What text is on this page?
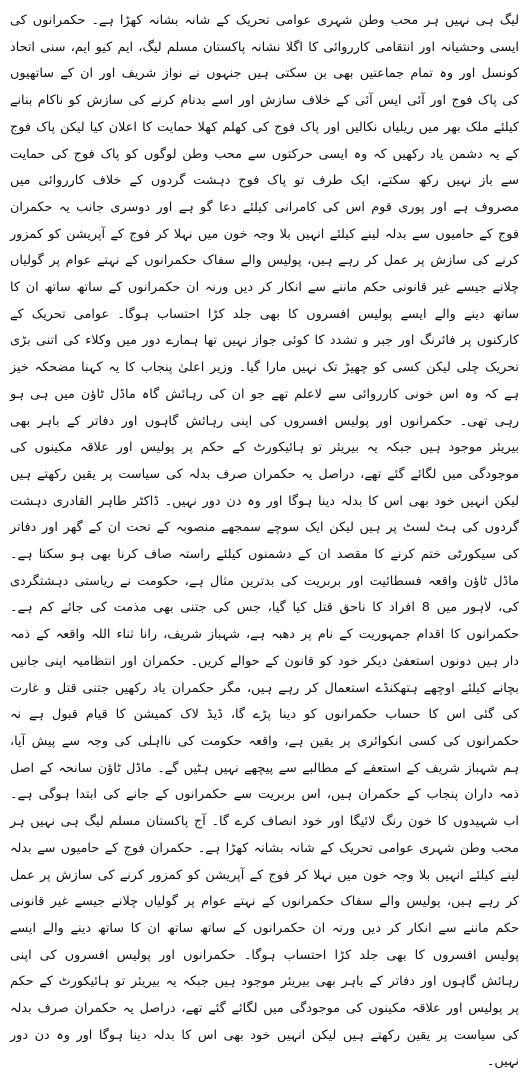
لیگ ہی نہیں ہر محب وطن شہری عوامی تحریک کے شانہ بشانہ کھڑا ہے۔ حکمرانوں کی ایسی وحشیانہ اور انتقامی کارروائی کا اگلا نشانہ پاکستان مسلم لیگ، ایم کیو ایم، سنی اتحاد کونسل اور وہ تمام جماعتیں بھی بن سکتی ہیں جنہوں نے نواز شریف اور ان کے ساتھیوں کی پاک فوج اور آئی ایس آئی کے خلاف سازش اور اسے بدنام کرنے کی سازش کو ناکام بنانے کیلئے ملک بھر میں ریلیاں نکالیں اور پاک فوج کی کھلم کھلا حمایت کا اعلان کیا لیکن پاک فوج کے یہ دشمن یاد رکھیں کہ وہ ایسی حرکتوں سے محب وطن لوگوں کو پاک فوج کی حمایت سے باز نہیں رکھ سکتے، ایک طرف تو پاک فوج دہشت گردوں کے خلاف کارروائی میں مصروف ہے اور پوری قوم اس کی کامرانی کیلئے دعا گو ہے اور دوسری جانب یہ حکمران فوج کے حامیوں سے بدلہ لینے کیلئے انہیں بلا وجہ خون میں نہلا کر فوج کے آپریشن کو کمزور کرنے کی سازش پر عمل کر رہے ہیں، پولیس والے سفاک حکمرانوں کے نہتے عوام پر گولیاں چلانے جیسے غیر قانونی حکم ماننے سے انکار کر دیں ورنہ ان حکمرانوں کے ساتھ ساتھ ان کا ساتھ دینے والے ایسے پولیس افسروں کا بھی جلد کڑا احتساب ہوگا۔ عوامی تحریک کے کارکنوں پر فائرنگ اور جبر و تشدد کا کوئی جواز نہیں تھا ہمارے دور میں وکلاء کی اتنی بڑی تحریک چلی لیکن کسی کو چھیڑ تک نہیں مارا گیا۔ وزیر اعلیٰ پنجاب کا یہ کہنا مضحکہ خیز ہے کہ وہ اس خونی کارروائی سے لاعلم تھے جو ان کی رہائش گاہ ماڈل ٹاؤن میں ہی ہو رہی تھی۔ حکمرانوں اور پولیس افسروں کی اپنی رہائش گاہوں اور دفاتر کے باہر بھی بیریئر موجود ہیں جبکہ یہ بیریئر تو ہائیکورٹ کے حکم پر پولیس اور علاقہ مکینوں کی موجودگی میں لگائے گئے تھے، دراصل یہ حکمران صرف بدلہ کی سیاست پر یقین رکھتے ہیں لیکن انہیں خود بھی اس کا بدلہ دینا ہوگا اور وہ دن دور نہیں۔ ڈاکٹر طاہر القادری دہشت گردوں کی ہٹ لسٹ پر ہیں لیکن ایک سوچے سمجھے منصوبہ کے تحت ان کے گھر اور دفاتر کی سیکورٹی ختم کرنے کا مقصد ان کے دشمنوں کیلئے راستہ صاف کرنا بھی ہو سکتا ہے۔ ماڈل ٹاؤن واقعہ فسطائیت اور بربریت کی بدترین مثال ہے، حکومت نے ریاستی دہشتگردی کی، لاہور میں 8 افراد کا ناحق قتل کیا گیا، جس کی جتنی بھی مذمت کی جائے کم ہے۔ حکمرانوں کا اقدام جمہوریت کے نام پر دھبہ ہے، شہباز شریف، رانا ثناء اللہ واقعہ کے ذمہ دار ہیں دونوں استعفیٰ دیکر خود کو قانون کے حوالے کریں۔ حکمران اور انتظامیہ اپنی جانیں بچانے کیلئے اوچھے ہتھکنڈے استعمال کر رہے ہیں، مگر حکمران یاد رکھیں جتنی قتل و غارت کی گئی اس کا حساب حکمرانوں کو دینا پڑے گا، ڈیڈ لاک کمیشن کا قیام قبول ہے نہ حکمرانوں کی کسی انکوائری پر یقین ہے، واقعہ حکومت کی نااہلی کی وجہ سے پیش آیا، ہم شہباز شریف کے استعفے کے مطالبے سے پیچھے نہیں ہٹیں گے۔ ماڈل ٹاؤن سانحہ کے اصل ذمہ داران پنجاب کے حکمران ہیں، اس بربریت سے حکمرانوں کے جانے کی ابتدا ہوگی ہے۔ اب شہیدوں کا خون رنگ لائیگا اور خود انصاف کرے گا۔ آج پاکستان مسلم لیگ ہی نہیں ہر محب وطن شہری عوامی تحریک کے شانہ بشانہ کھڑا ہے۔ حکمران فوج کے حامیوں سے بدلہ لینے کیلئے انہیں بلا وجہ خون میں نہلا کر فوج کے آپریشن کو کمزور کرنے کی سازش پر عمل کر رہے ہیں، پولیس والے سفاک حکمرانوں کے نہتے عوام پر گولیاں چلانے جیسے غیر قانونی حکم ماننے سے انکار کر دیں ورنہ ان حکمرانوں کے ساتھ ساتھ ان کا ساتھ دینے والے ایسے پولیس افسروں کا بھی جلد کڑا احتساب ہوگا۔ حکمرانوں اور پولیس افسروں کی اپنی رہائش گاہوں اور دفاتر کے باہر بھی بیریئر موجود ہیں جبکہ یہ بیریئر تو ہائیکورٹ کے حکم پر پولیس اور علاقہ مکینوں کی موجودگی میں لگائے گئے تھے، دراصل یہ حکمران صرف بدلہ کی سیاست پر یقین رکھتے ہیں لیکن انہیں خود بھی اس کا بدلہ دینا ہوگا اور وہ دن دور نہیں۔
